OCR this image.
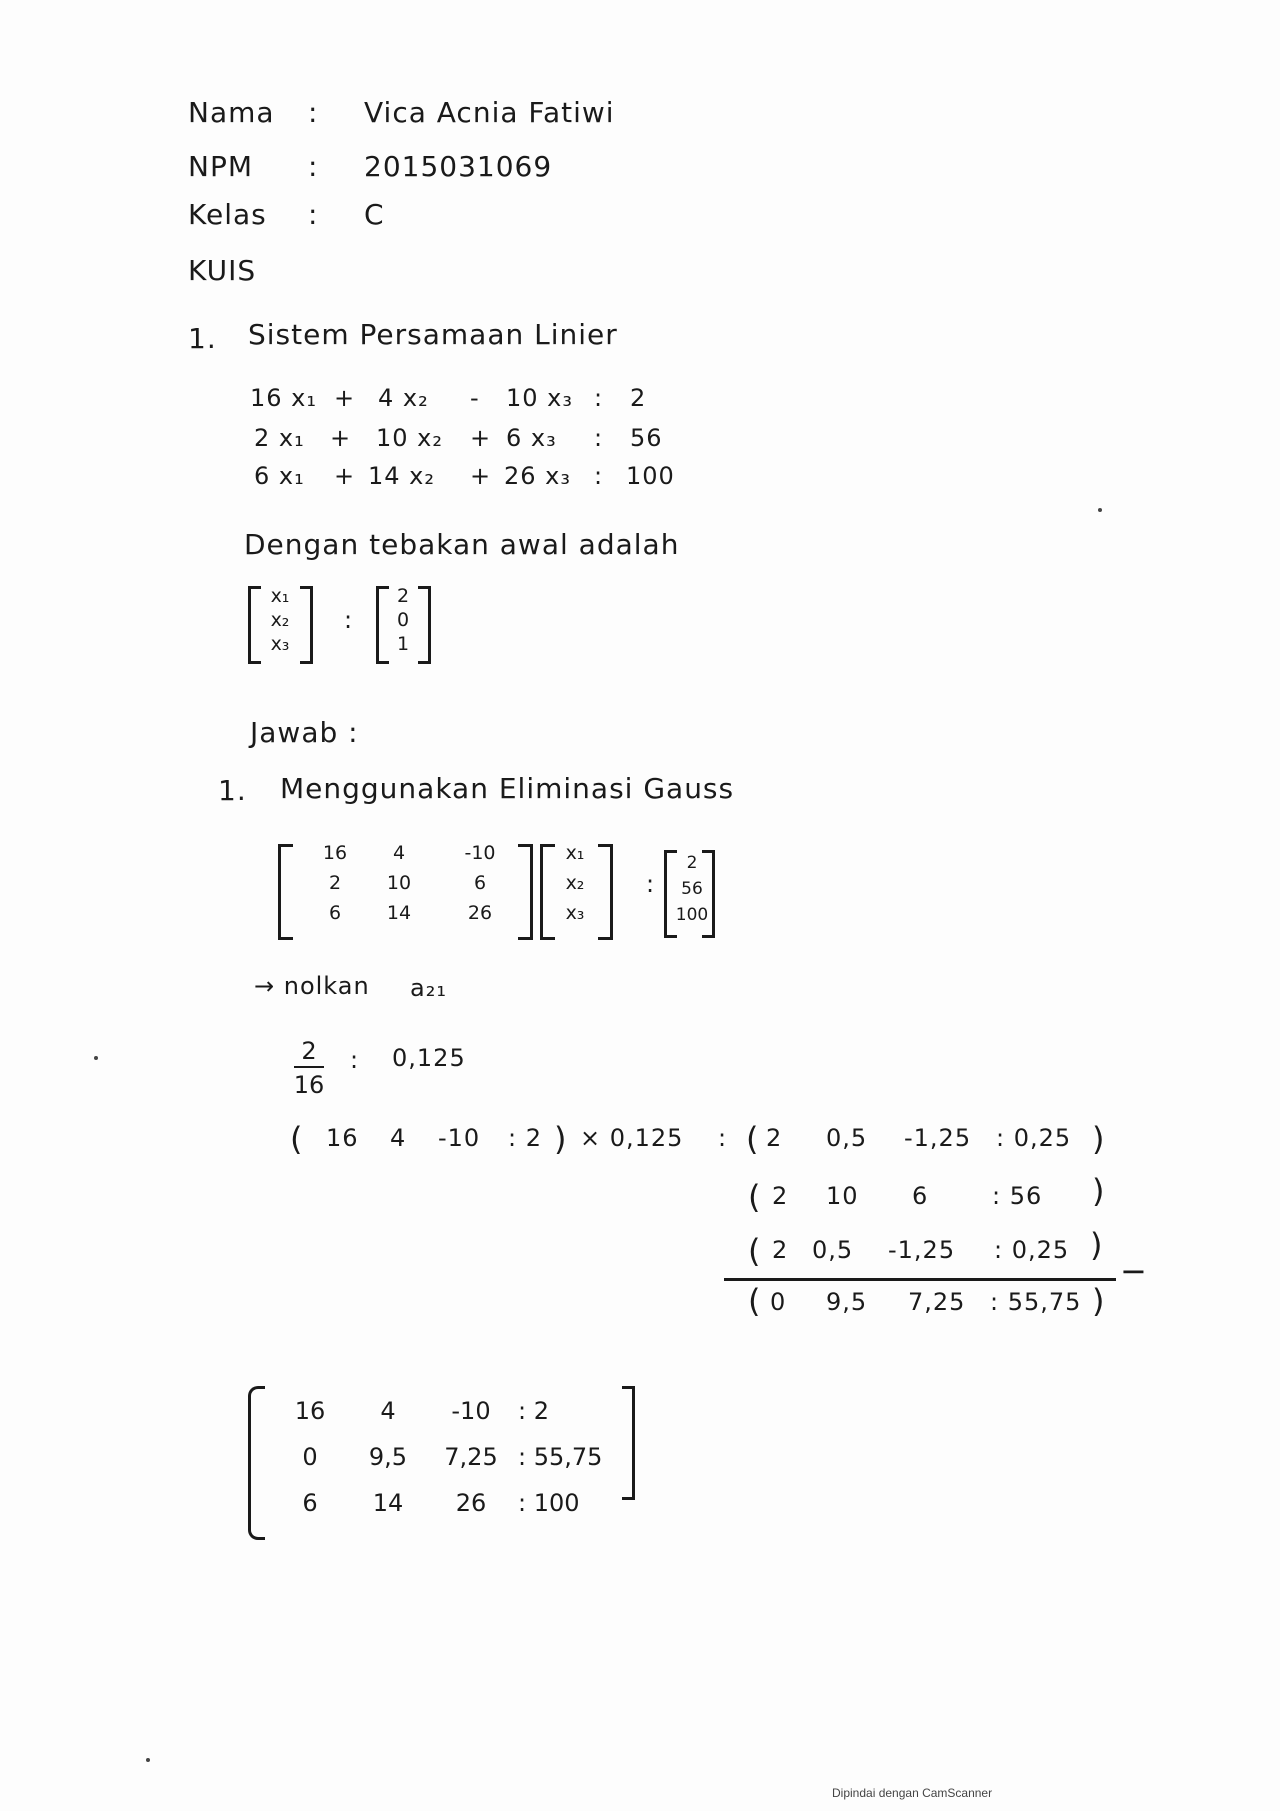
Nama : Vica Acnia Fatiwi
NPM : 2015031069
Kelas : C
KUIS
1. Sistem Persamaan Linier
16 x₁ + 4 x₂ - 10 x₃ : 2
2 x₁ + 10 x₂ + 6 x₃ : 56
6 x₁ + 14 x₂ + 26 x₃ : 100
Dengan tebakan awal adalah
x₁
x₂
x₃
:
2
0
1
Jawab :
1. Menggunakan Eliminasi Gauss
16
2
6
4
10
14
-10
6
26
x₁
x₂
x₃
:
2
56
100
→ nolkan a₂₁
2
16
: 0,125
( 16 4 -10 : 2 ) × 0,125 : ( 2 0,5 -1,25 : 0,25 )
( 2 10 6	: 56 )
( 2 0,5 -1,25 : 0,25 )
−
( 0 9,5 7,25 : 55,75 )
16
0
6
4
9,5
14
-10
7,25
26
: 2
: 55,75
: 100
Dipindai dengan CamScanner
